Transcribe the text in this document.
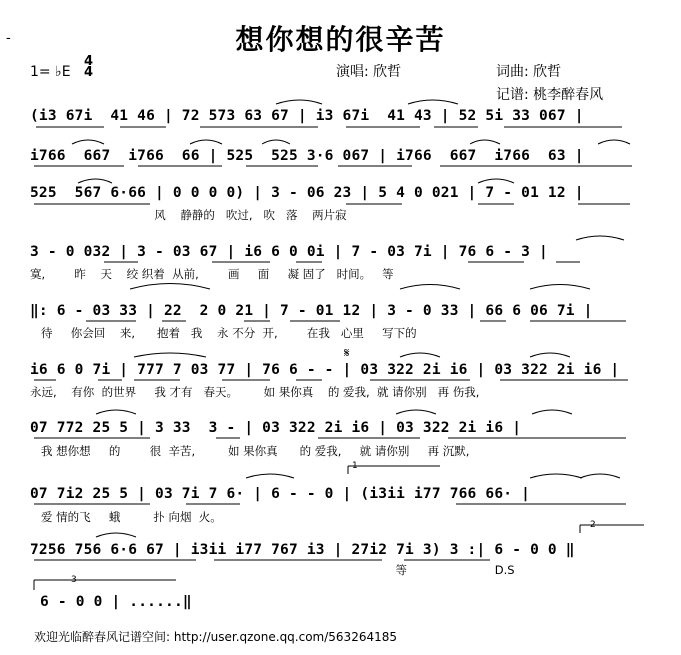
想你想的很辛苦
-
1= ♭E
4
4	演唱: 欣哲	词曲: 欣哲
记谱: 桃李醉春风
(i3 67i  41 46 | 72 573 63 67 | i3 67i  41 43 | 52 5i 33 067 |
i766  667  i766  66 | 525  525 3·6 067 | i766  667  i766  63 |
525  567 6·66 | 0 0 0 0) | 3 - 06 23 | 5 4 0 021 | 7 - 01 12 |
风    静静的   吹过,   吹   落    两片寂
3 - 0 032 | 3 - 03 67 | i6 6 0 0i | 7 - 03 7i | 76 6 - 3 |
寞,        昨    天    绞 织着  从前,        画     面     凝 固了   时间。   等
‖: 6 - 03 33 | 22  2 0 21 | 7 - 01 12 | 3 - 0 33 | 66 6 06 7i |
待     你会回    来,      抱着   我    永 不分  开,        在我   心里     写下的
i6 6 0 7i | 777 7 03 77 | 76 6 - - | 03 322 2i i6 | 03 322 2i i6 |
永远,    有你  的世界     我 才有   春天。       如 果你真    的 爱我,  就 请你别   再 伤我,
07 772 25 5 | 3 33  3 - | 03 322 2i i6 | 03 322 2i i6 |
我 想你想     的        很  辛苦,         如 果你真      的 爱我,     就 请你别     再 沉默,
07 7i2 25 5 | 03 7i 7 6· | 6 - - 0 | (i3ii i77 766 66· |
爱 情的飞     蛾         扑 向烟  火。
7256 756 6·6 67 | i3ii i77 767 i3 | 27i2 7i 3) 3 :| 6 - 0 0 ‖
等                        D.S
6 - 0 0 | ......‖
𝄋
1
2
3
欢迎光临醉春风记谱空间: http://user.qzone.qq.com/563264185
